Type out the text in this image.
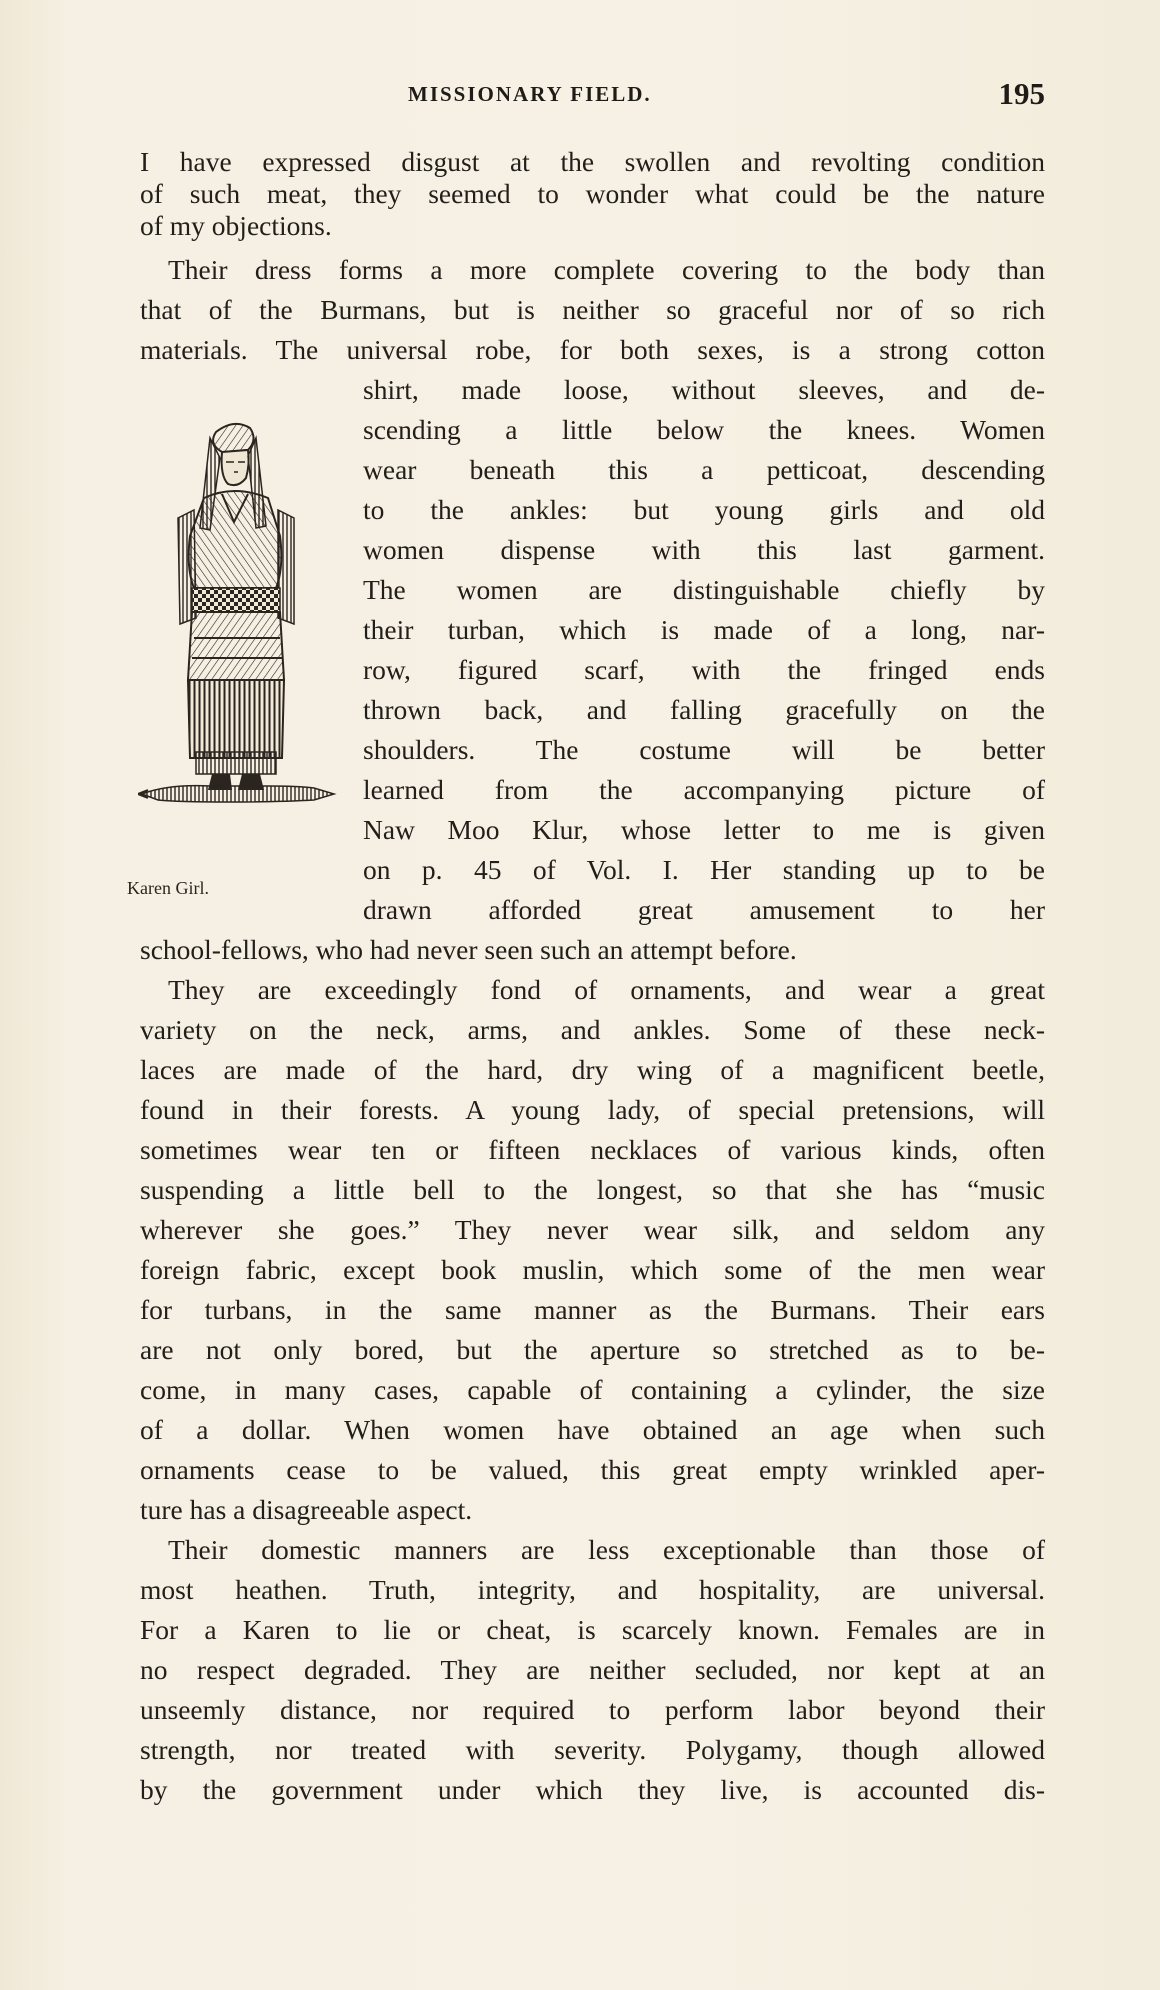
MISSIONARY FIELD.	195
I have expressed disgust at the swollen and revolting condition
of such meat, they seemed to wonder what could be the nature
of my objections.
Their dress forms a more complete covering to the body than
that of the Burmans, but is neither so graceful nor of so rich
materials. The universal robe, for both sexes, is a strong cotton
shirt, made loose, without sleeves, and de-
scending a little below the knees. Women
wear beneath this a petticoat, descending
to the ankles: but young girls and old
women dispense with this last garment.
The women are distinguishable chiefly by
their turban, which is made of a long, nar-
row, figured scarf, with the fringed ends
thrown back, and falling gracefully on the
shoulders. The costume will be better
learned from the accompanying picture of
Naw Moo Klur, whose letter to me is given
on p. 45 of Vol. I. Her standing up to be
drawn afforded great amusement to her
school-fellows, who had never seen such an attempt before.
They are exceedingly fond of ornaments, and wear a great
variety on the neck, arms, and ankles. Some of these neck-
laces are made of the hard, dry wing of a magnificent beetle,
found in their forests. A young lady, of special pretensions, will
sometimes wear ten or fifteen necklaces of various kinds, often
suspending a little bell to the longest, so that she has “music
wherever she goes.” They never wear silk, and seldom any
foreign fabric, except book muslin, which some of the men wear
for turbans, in the same manner as the Burmans. Their ears
are not only bored, but the aperture so stretched as to be-
come, in many cases, capable of containing a cylinder, the size
of a dollar. When women have obtained an age when such
ornaments cease to be valued, this great empty wrinkled aper-
ture has a disagreeable aspect.
Their domestic manners are less exceptionable than those of
most heathen. Truth, integrity, and hospitality, are universal.
For a Karen to lie or cheat, is scarcely known. Females are in
no respect degraded. They are neither secluded, nor kept at an
unseemly distance, nor required to perform labor beyond their
strength, nor treated with severity. Polygamy, though allowed
by the government under which they live, is accounted dis-
Karen Girl.
